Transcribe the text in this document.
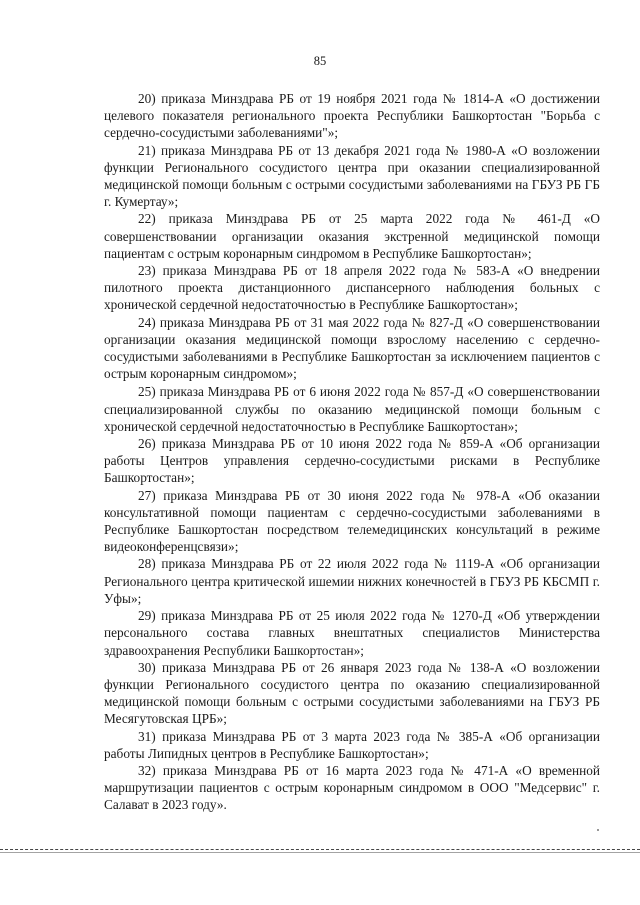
85

20) приказа Минздрава РБ от 19 ноября 2021 года № 1814-А «О достижении целевого показателя регионального проекта Республики Башкортостан "Борьба с сердечно-сосудистыми заболеваниями"»;

21) приказа Минздрава РБ от 13 декабря 2021 года № 1980-А «О возложении функции Регионального сосудистого центра при оказании специализированной медицинской помощи больным с острыми сосудистыми заболеваниями на ГБУЗ РБ ГБ г. Кумертау»;

22) приказа Минздрава РБ от 25 марта 2022 года № 461-Д «О совершенствовании организации оказания экстренной медицинской помощи пациентам с острым коронарным синдромом в Республике Башкортостан»;

23) приказа Минздрава РБ от 18 апреля 2022 года № 583-А «О внедрении пилотного проекта дистанционного диспансерного наблюдения больных с хронической сердечной недостаточностью в Республике Башкортостан»;

24) приказа Минздрава РБ от 31 мая 2022 года № 827-Д «О совершенствовании организации оказания медицинской помощи взрослому населению с сердечно-сосудистыми заболеваниями в Республике Башкортостан за исключением пациентов с острым коронарным синдромом»;

25) приказа Минздрава РБ от 6 июня 2022 года № 857-Д «О совершенствовании специализированной службы по оказанию медицинской помощи больным с хронической сердечной недостаточностью в Республике Башкортостан»;

26) приказа Минздрава РБ от 10 июня 2022 года № 859-А «Об организации работы Центров управления сердечно-сосудистыми рисками в Республике Башкортостан»;

27) приказа Минздрава РБ от 30 июня 2022 года № 978-А «Об оказании консультативной помощи пациентам с сердечно-сосудистыми заболеваниями в Республике Башкортостан посредством телемедицинских консультаций в режиме видеоконференцсвязи»;

28) приказа Минздрава РБ от 22 июля 2022 года № 1119-А «Об организации Регионального центра критической ишемии нижних конечностей в ГБУЗ РБ КБСМП г. Уфы»;

29) приказа Минздрава РБ от 25 июля 2022 года № 1270-Д «Об утверждении персонального состава главных внештатных специалистов Министерства здравоохранения Республики Башкортостан»;

30) приказа Минздрава РБ от 26 января 2023 года № 138-А «О возложении функции Регионального сосудистого центра по оказанию специализированной медицинской помощи больным с острыми сосудистыми заболеваниями на ГБУЗ РБ Месягутовская ЦРБ»;

31) приказа Минздрава РБ от 3 марта 2023 года № 385-А «Об организации работы Липидных центров в Республике Башкортостан»;

32) приказа Минздрава РБ от 16 марта 2023 года № 471-А «О временной маршрутизации пациентов с острым коронарным синдромом в ООО "Медсервис" г. Салават в 2023 году».
